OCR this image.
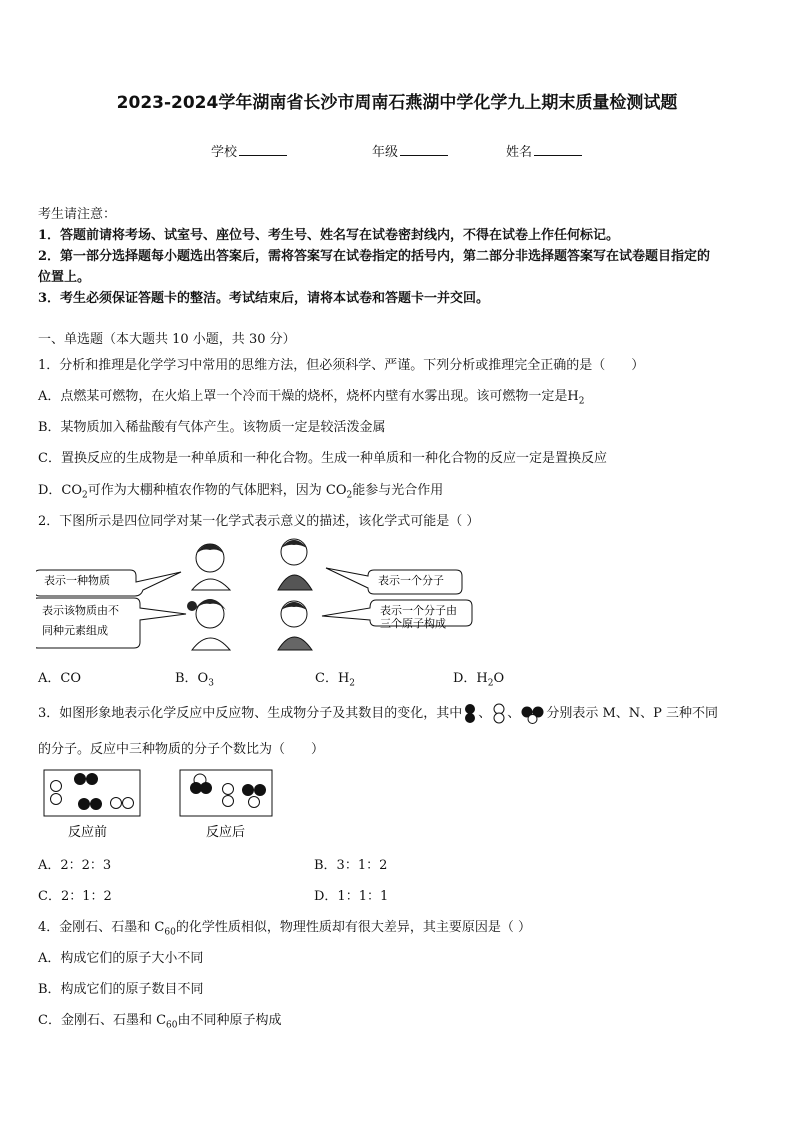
2023-2024学年湖南省长沙市周南石燕湖中学化学九上期末质量检测试题
学校	年级	姓名
考生请注意：
1．答题前请将考场、试室号、座位号、考生号、姓名写在试卷密封线内，不得在试卷上作任何标记。
2．第一部分选择题每小题选出答案后，需将答案写在试卷指定的括号内，第二部分非选择题答案写在试卷题目指定的
位置上。
3．考生必须保证答题卡的整洁。考试结束后，请将本试卷和答题卡一并交回。
一、单选题（本大题共 10 小题，共 30 分）
1．分析和推理是化学学习中常用的思维方法，但必须科学、严谨。下列分析或推理完全正确的是（　　）
A．点燃某可燃物，在火焰上罩一个冷而干燥的烧杯，烧杯内壁有水雾出现。该可燃物一定是$H_2$
B．某物质加入稀盐酸有气体产生。该物质一定是较活泼金属
C．置换反应的生成物是一种单质和一种化合物。生成一种单质和一种化合物的反应一定是置换反应
D．$CO_2$可作为大棚种植农作物的气体肥料，因为 $CO_2$能参与光合作用
2．下图所示是四位同学对某一化学式表示意义的描述，该化学式可能是（ ）
表示一种物质	表示一个分子
表示该物质由不
同种元素组成
表示一个分子由
三个原子构成
A．CO	B．$O_3$	C．$H_2$	D．$H_2O$
3．如图形象地表示化学反应中反应物、生成物分子及其数目的变化，其中 、 、 分别表示 M、N、P 三种不同
的分子。反应中三种物质的分子个数比为（　　）
反应前	反应后
A．2：2：3	B．3：1：2
C．2：1：2	D．1：1：1
4．金刚石、石墨和 $C_{60}$的化学性质相似，物理性质却有很大差异，其主要原因是（ ）
A．构成它们的原子大小不同
B．构成它们的原子数目不同
C．金刚石、石墨和 $C_{60}$由不同种原子构成
